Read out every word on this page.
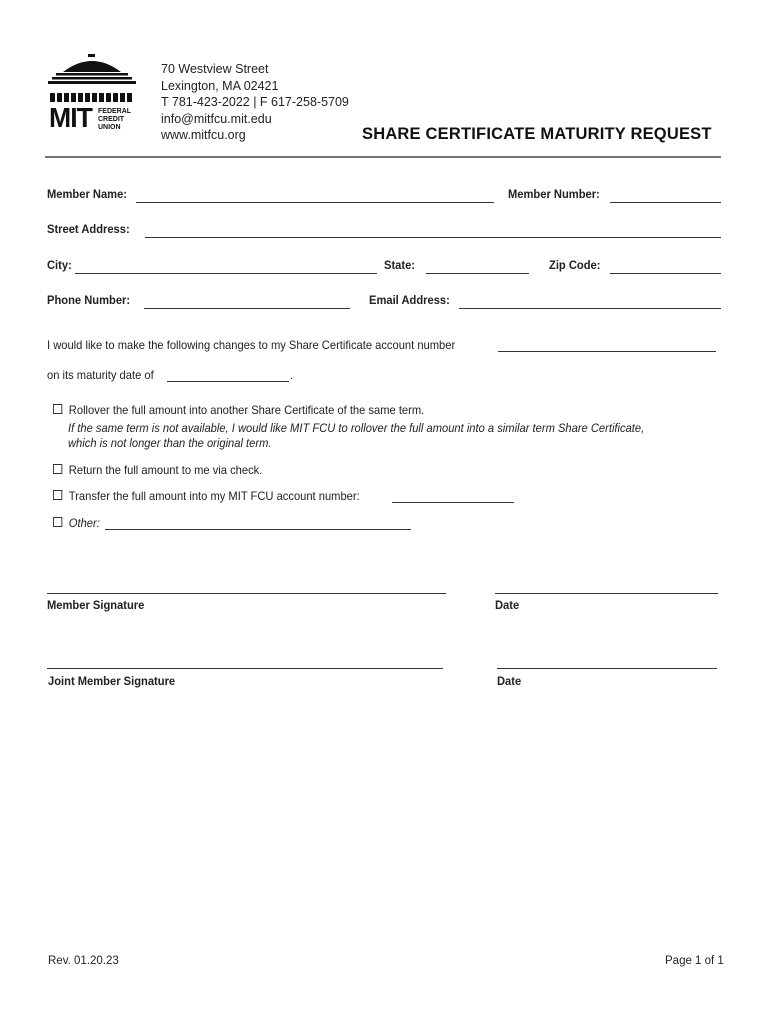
MIT FEDERAL
CREDIT
UNION
70 Westview Street
Lexington, MA 02421
T 781-423-2022 | F 617-258-5709
info@mitfcu.mit.edu
www.mitfcu.org	SHARE CERTIFICATE MATURITY REQUEST
Member Name:	Member Number:
Street Address:
City:	State:	Zip Code:
Phone Number:	Email Address:
I would like to make the following changes to my Share Certificate account number
on its maturity date of	.
Rollover the full amount into another Share Certificate of the same term.
If the same term is not available, I would like MIT FCU to rollover the full amount into a similar term Share Certificate,
which is not longer than the original term.
Return the full amount to me via check.
Transfer the full amount into my MIT FCU account number:
Other:
Member Signature	Date
Joint Member Signature	Date
Rev. 01.20.23	Page 1 of 1
